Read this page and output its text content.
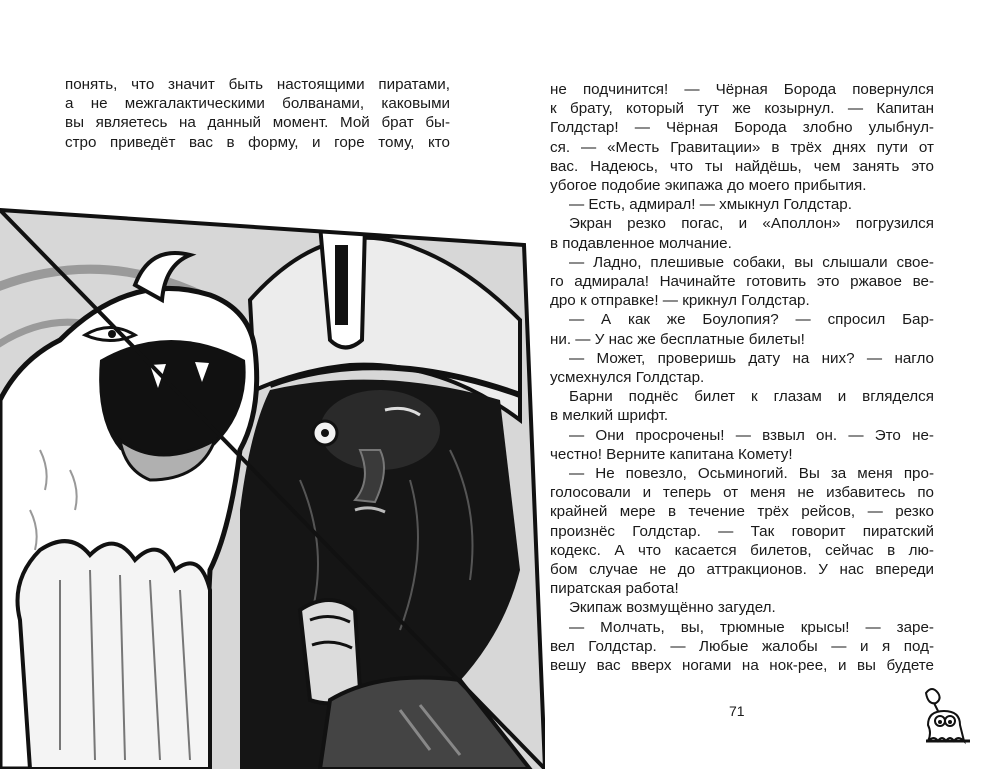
понять, что значит быть настоящими пиратами,
а не межгалактическими болванами, каковыми
вы являетесь на данный момент. Мой брат бы-
стро приведёт вас в форму, и горе тому, кто
не подчинится! — Чёрная Борода повернулся
к брату, который тут же козырнул. — Капитан
Голдстар! — Чёрная Борода злобно улыбнул-
ся. — «Месть Гравитации» в трёх днях пути от
вас. Надеюсь, что ты найдёшь, чем занять это
убогое подобие экипажа до моего прибытия.
— Есть, адмирал! — хмыкнул Голдстар.
Экран резко погас, и «Аполлон» погрузился
в подавленное молчание.
— Ладно, плешивые собаки, вы слышали свое-
го адмирала! Начинайте готовить это ржавое ве-
дро к отправке! — крикнул Голдстар.
— А как же Боулопия? — спросил Бар-
ни. — У нас же бесплатные билеты!
— Может, проверишь дату на них? — нагло
усмехнулся Голдстар.
Барни поднёс билет к глазам и вгляделся
в мелкий шрифт.
— Они просрочены! — взвыл он. — Это не-
честно! Верните капитана Комету!
— Не повезло, Осьминогий. Вы за меня про-
голосовали и теперь от меня не избавитесь по
крайней мере в течение трёх рейсов, — резко
произнёс Голдстар. — Так говорит пиратский
кодекс. А что касается билетов, сейчас в лю-
бом случае не до аттракционов. У нас впереди
пиратская работа!
Экипаж возмущённо загудел.
— Молчать, вы, трюмные крысы! — заре-
вел Голдстар. — Любые жалобы — и я под-
вешу вас вверх ногами на нок-рее, и вы будете
71
